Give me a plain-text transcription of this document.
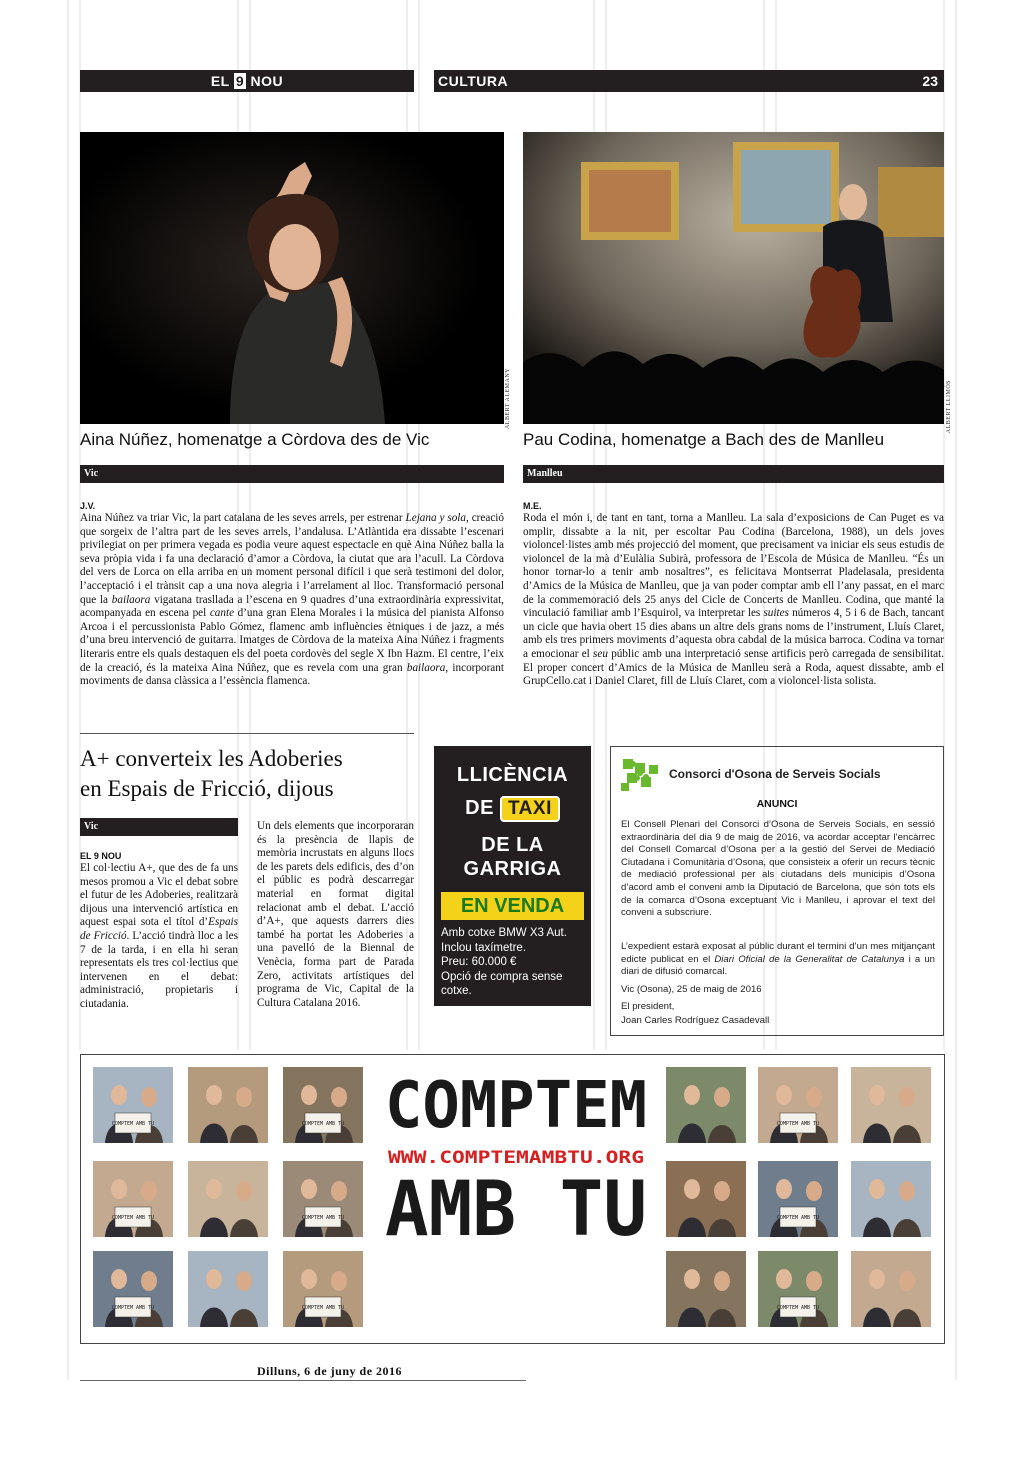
EL 9 NOU	CULTURA	23
ALBERT ALEMANY	ALBERT LLIMÓS
Aina Núñez, homenatge a Còrdova des de Vic
Vic
J.V.
Aina Núñez va triar Vic, la part catalana de les seves arrels, per estrenar Lejana y sola, creació que sorgeix de l’altra part de les seves arrels, l’andalusa. L’Atlàntida era dissabte l’escenari privilegiat on per primera vegada es podia veure aquest espectacle en què Aina Núñez balla la seva pròpia vida i fa una declaració d’amor a Còrdova, la ciutat que ara l’acull. La Còrdova del vers de Lorca on ella arriba en un moment personal difícil i que serà testimoni del dolor, l’acceptació i el trànsit cap a una nova alegria i l’arrelament al lloc. Transformació personal que la bailaora vigatana trasllada a l’escena en 9 quadres d’una extraordinària expressivitat, acompanyada en escena pel cante d’una gran Elena Morales i la música del pianista Alfonso Arcoa i el percussionista Pablo Gómez, flamenc amb influències ètniques i de jazz, a més d’una breu intervenció de guitarra. Imatges de Còrdova de la mateixa Aina Núñez i fragments literaris entre els quals destaquen els del poeta cordovès del segle X Ibn Hazm. El centre, l’eix de la creació, és la mateixa Aina Núñez, que es revela com una gran bailaora, incorporant moviments de dansa clàssica a l’essència flamenca.
Pau Codina, homenatge a Bach des de Manlleu
Manlleu
M.E.
Roda el món i, de tant en tant, torna a Manlleu. La sala d’exposicions de Can Puget es va omplir, dissabte a la nit, per escoltar Pau Codina (Barcelona, 1988), un dels joves violoncel·listes amb més projecció del moment, que precisament va iniciar els seus estudis de violoncel de la mà d’Eulàlia Subirà, professora de l’Escola de Música de Manlleu. “És un honor tornar-lo a tenir amb nosaltres”, es felicitava Montserrat Pladelasala, presidenta d’Amics de la Música de Manlleu, que ja van poder comptar amb ell l’any passat, en el marc de la commemoració dels 25 anys del Cicle de Concerts de Manlleu. Codina, que manté la vinculació familiar amb l’Esquirol, va interpretar les suites números 4, 5 i 6 de Bach, tancant un cicle que havia obert 15 dies abans un altre dels grans noms de l’instrument, Lluís Claret, amb els tres primers moviments d’aquesta obra cabdal de la música barroca. Codina va tornar a emocionar el seu públic amb una interpretació sense artificis però carregada de sensibilitat. El proper concert d’Amics de la Música de Manlleu serà a Roda, aquest dissabte, amb el GrupCello.cat i Daniel Claret, fill de Lluís Claret, com a violoncel·lista solista.
A+ converteix les Adoberies
en Espais de Fricció, dijous
Vic
EL 9 NOU
El col·lectiu A+, que des de fa uns mesos promou a Vic el debat sobre el futur de les Adoberies, realitzarà dijous una intervenció artística en aquest espai sota el títol d’Espais de Fricció. L’acció tindrà lloc a les 7 de la tarda, i en ella hi seran representats els tres col·lectius que intervenen en el debat: administració, propietaris i ciutadania.
Un dels elements que incorporaran és la presència de llapis de memòria incrustats en alguns llocs de les parets dels edificis, des d’on el públic es podrà descarregar material en format digital relacionat amb el debat. L’acció d’A+, que aquests darrers dies també ha portat les Adoberies a una pavelló de la Biennal de Venècia, forma part de Parada Zero, activitats artístiques del programa de Vic, Capital de la Cultura Catalana 2016.
LLICÈNCIA
DE TAXI
DE LA
GARRIGA
EN VENDA
Amb cotxe BMW X3 Aut.
Inclou taxímetre.
Preu: 60.000 €
Opció de compra sense cotxe.
bwtaxilagarriga@gmail.com
Consorci d'Osona de Serveis Socials
ANUNCI
El Consell Plenari del Consorci d’Osona de Serveis Socials, en sessió extraordinària del dia 9 de maig de 2016, va acordar acceptar l’encàrrec del Consell Comarcal d’Osona per a la gestió del Servei de Mediació Ciutadana i Comunitària d’Osona, que consisteix a oferir un recurs tècnic de mediació professional per als ciutadans dels municipis d’Osona d’acord amb el conveni amb la Diputació de Barcelona, que són tots els de la comarca d’Osona exceptuant Vic i Manlleu, i aprovar el text del conveni a subscriure.
L’expedient estarà exposat al públic durant el termini d’un mes mitjançant edicte publicat en el Diari Oficial de la Generalitat de Catalunya i a un diari de difusió comarcal.
Vic (Osona), 25 de maig de 2016
El president,
Joan Carles Rodríguez Casadevall
COMPTEM AMB TU	COMPTEM AMB TU	COMPTEM AMB TU
COMPTEM AMB TU	COMPTEM AMB TU	COMPTEM AMB TU
COMPTEM AMB TU	COMPTEM AMB TU	COMPTEM AMB TU
COMPTEM
WWW.COMPTEMAMBTU.ORG
AMB TU
Dilluns, 6 de juny de 2016
